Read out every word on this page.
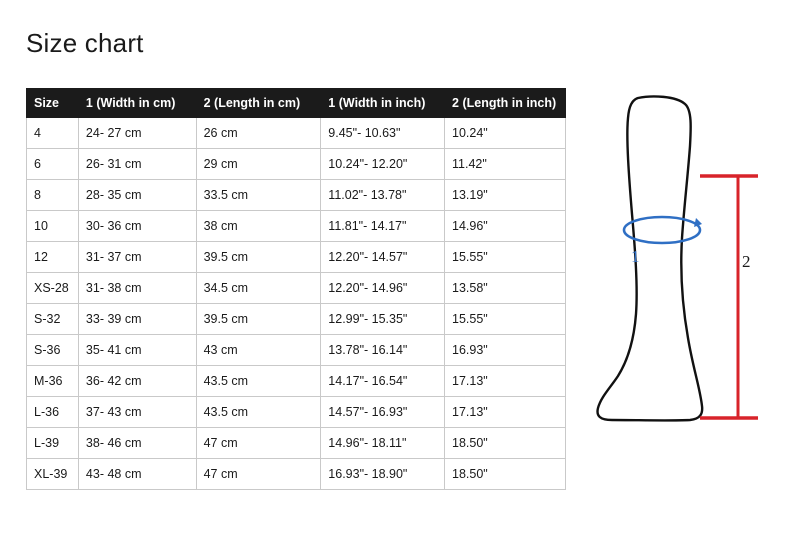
Size chart
Size	1 (Width in cm)	2 (Length in cm)	1 (Width in inch)	2 (Length in inch)
4	24- 27 cm	26 cm	9.45"- 10.63"	10.24"
6	26- 31 cm	29 cm	10.24"- 12.20"	11.42"
8	28- 35 cm	33.5 cm	11.02"- 13.78"	13.19"
10	30- 36 cm	38 cm	11.81"- 14.17"	14.96"
12	31- 37 cm	39.5 cm	12.20"- 14.57"	15.55"
XS-28	31- 38 cm	34.5 cm	12.20"- 14.96"	13.58"
S-32	33- 39 cm	39.5 cm	12.99"- 15.35"	15.55"
S-36	35- 41 cm	43 cm	13.78"- 16.14"	16.93"
M-36	36- 42 cm	43.5 cm	14.17"- 16.54"	17.13"
L-36	37- 43 cm	43.5 cm	14.57"- 16.93"	17.13"
L-39	38- 46 cm	47 cm	14.96"- 18.11"	18.50"
XL-39	43- 48 cm	47 cm	16.93"- 18.90"	18.50"
1	2
